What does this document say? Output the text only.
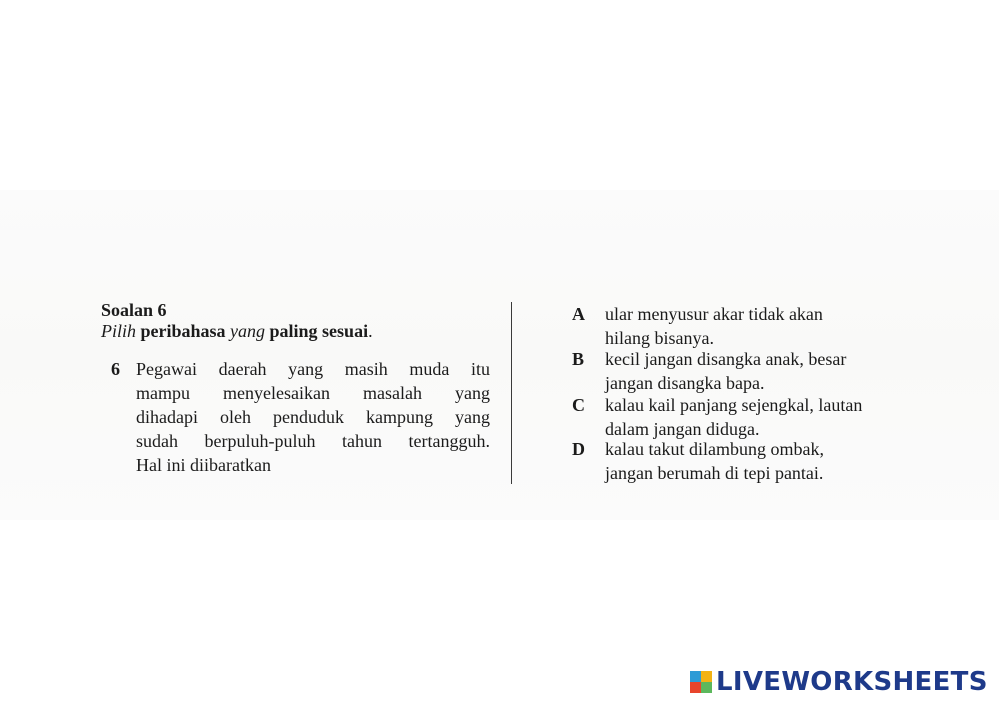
Soalan 6
Pilih peribahasa yang paling sesuai.
6 Pegawai daerah yang masih muda itu
mampu menyelesaikan masalah yang
dihadapi oleh penduduk kampung yang
sudah berpuluh-puluh tahun tertangguh.
Hal ini diibaratkan
A ular menyusur akar tidak akan
hilang bisanya.
B kecil jangan disangka anak, besar
jangan disangka bapa.
C kalau kail panjang sejengkal, lautan
dalam jangan diduga.
D kalau takut dilambung ombak,
jangan berumah di tepi pantai.
LIVEWORKSHEETS
